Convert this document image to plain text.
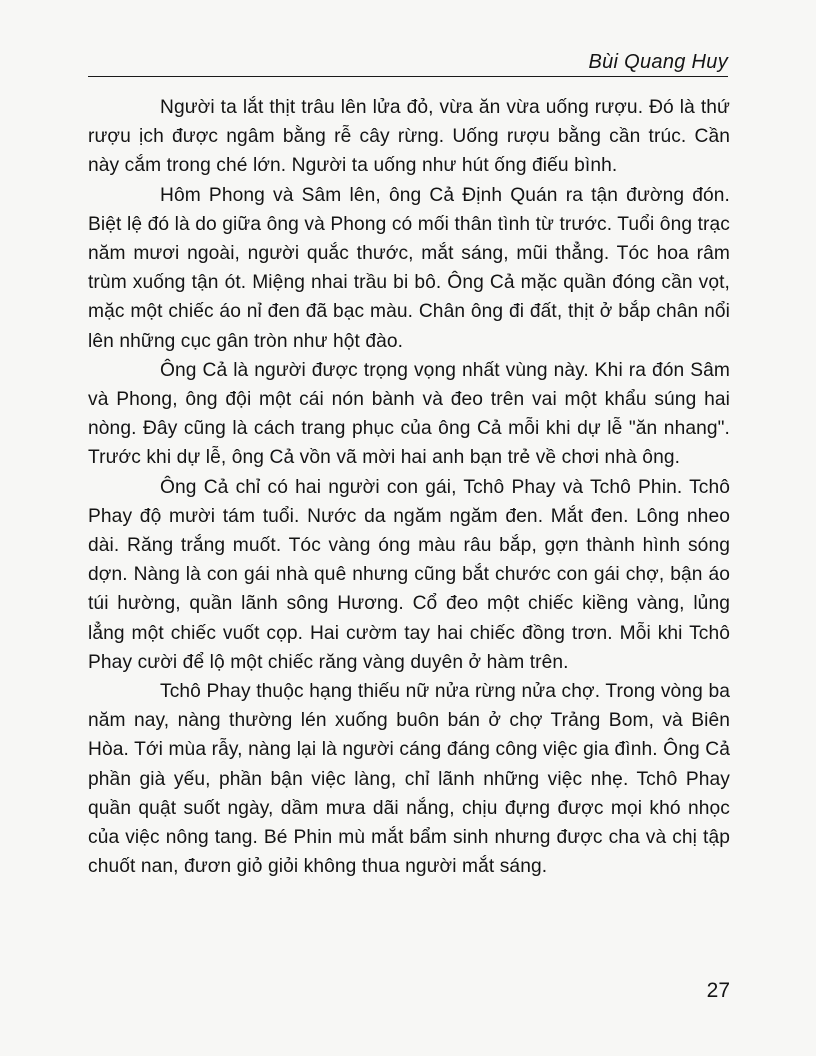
Bùi Quang Huy

Người ta lắt thịt trâu lên lửa đỏ, vừa ăn vừa uống rượu. Đó là thứ rượu ịch được ngâm bằng rễ cây rừng. Uống rượu bằng cần trúc. Cần này cắm trong ché lớn. Người ta uống như hút ống điếu bình.

Hôm Phong và Sâm lên, ông Cả Định Quán ra tận đường đón. Biệt lệ đó là do giữa ông và Phong có mối thân tình từ trước. Tuổi ông trạc năm mươi ngoài, người quắc thước, mắt sáng, mũi thẳng. Tóc hoa râm trùm xuống tận ót. Miệng nhai trầu bi bô. Ông Cả mặc quần đóng cần vọt, mặc một chiếc áo nỉ đen đã bạc màu. Chân ông đi đất, thịt ở bắp chân nổi lên những cục gân tròn như hột đào.

Ông Cả là người được trọng vọng nhất vùng này. Khi ra đón Sâm và Phong, ông đội một cái nón bành và đeo trên vai một khẩu súng hai nòng. Đây cũng là cách trang phục của ông Cả mỗi khi dự lễ "ăn nhang". Trước khi dự lễ, ông Cả vồn vã mời hai anh bạn trẻ về chơi nhà ông.

Ông Cả chỉ có hai người con gái, Tchô Phay và Tchô Phin. Tchô Phay độ mười tám tuổi. Nước da ngăm ngăm đen. Mắt đen. Lông nheo dài. Răng trắng muốt. Tóc vàng óng màu râu bắp, gợn thành hình sóng dợn. Nàng là con gái nhà quê nhưng cũng bắt chước con gái chợ, bận áo túi hường, quần lãnh sông Hương. Cổ đeo một chiếc kiềng vàng, lủng lẳng một chiếc vuốt cọp. Hai cườm tay hai chiếc đồng trơn. Mỗi khi Tchô Phay cười để lộ một chiếc răng vàng duyên ở hàm trên.

Tchô Phay thuộc hạng thiếu nữ nửa rừng nửa chợ. Trong vòng ba năm nay, nàng thường lén xuống buôn bán ở chợ Trảng Bom, và Biên Hòa. Tới mùa rẫy, nàng lại là người cáng đáng công việc gia đình. Ông Cả phần già yếu, phần bận việc làng, chỉ lãnh những việc nhẹ. Tchô Phay quần quật suốt ngày, dầm mưa dãi nắng, chịu đựng được mọi khó nhọc của việc nông tang. Bé Phin mù mắt bẩm sinh nhưng được cha và chị tập chuốt nan, đươn giỏ giỏi không thua người mắt sáng.

27
